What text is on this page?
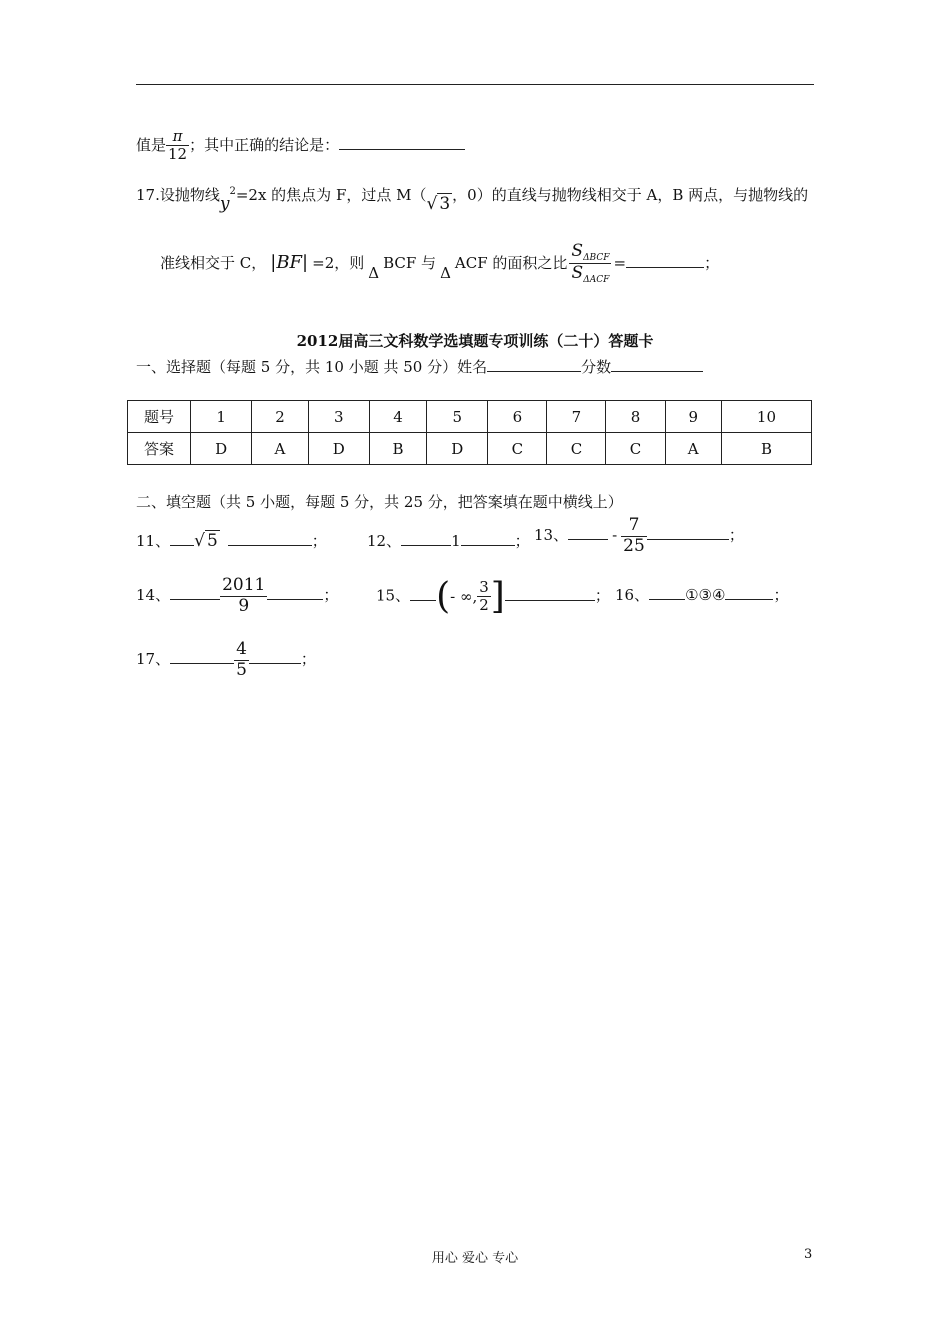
值是 $\frac{\pi}{12}$ ；其中正确的结论是：
17.设抛物线$y^2=2x$ 的焦点为 F，过点 M（√ 3 ，0）的直线与抛物线相交于 A，B 两点，与抛物线的
准线相交于 C， |BF| =2，则ΔBCF 与ΔACF 的面积之比 $\frac{S_{\Delta BCF}}{S_{\Delta ACF}}$ =	；
2012届高三文科数学选填题专项训练（二十）答题卡
一、选择题（每题 5 分，共 10 小题 共 50 分）姓名	分数
题号	1	2	3	4	5	6	7	8	9	10
答案	D	A	D	B	D	C	C	C	A	B
二、填空题（共 5 小题，每题 5 分，共 25 分，把答案填在题中横线上）
11、 √ 5	；	12、	1	； 13、	- $\frac{7}{25}$	；
14、	$\frac{2011}{9}$	；	15、 (- ∞, $\frac{3}{2}$ ]	； 16、 ①③④	；
17、	$\frac{4}{5}$	；
用心 爱心 专心	3
